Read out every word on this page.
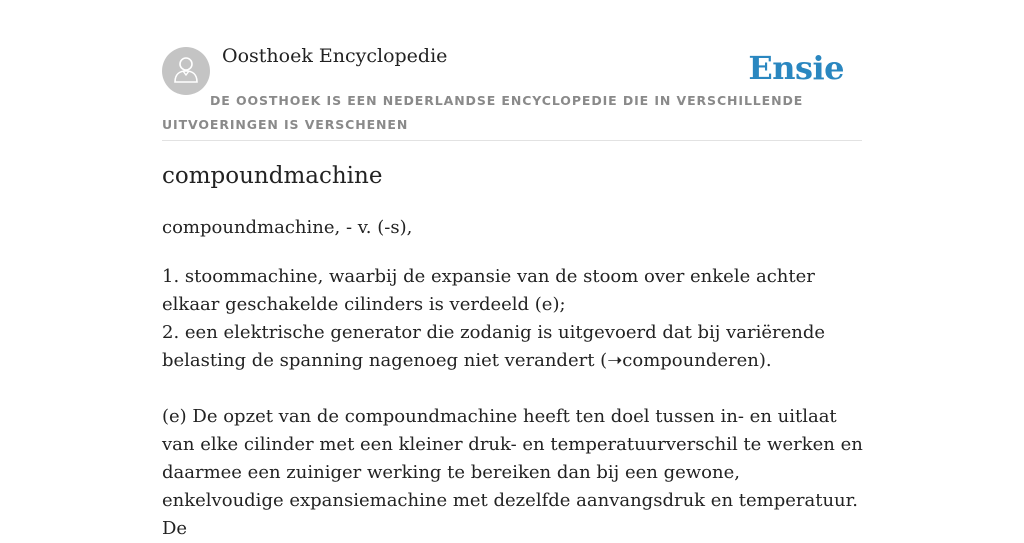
Oosthoek Encyclopedie	Ensie
DE OOSTHOEK IS EEN NEDERLANDSE ENCYCLOPEDIE DIE IN VERSCHILLENDE UITVOERINGEN IS VERSCHENEN
compoundmachine
compoundmachine, - v. (-s),

1. stoommachine, waarbij de expansie van de stoom over enkele achter elkaar geschakelde cilinders is verdeeld (e);

2. een elektrische generator die zodanig is uitgevoerd dat bij variërende belasting de spanning nagenoeg niet verandert (➝compounderen).

(e) De opzet van de compoundmachine heeft ten doel tussen in- en uitlaat van elke cilinder met een kleiner druk- en temperatuurverschil te werken en daarmee een zuiniger werking te bereiken dan bij een gewone, enkelvoudige expansiemachine met dezelfde aanvangsdruk en temperatuur. De
